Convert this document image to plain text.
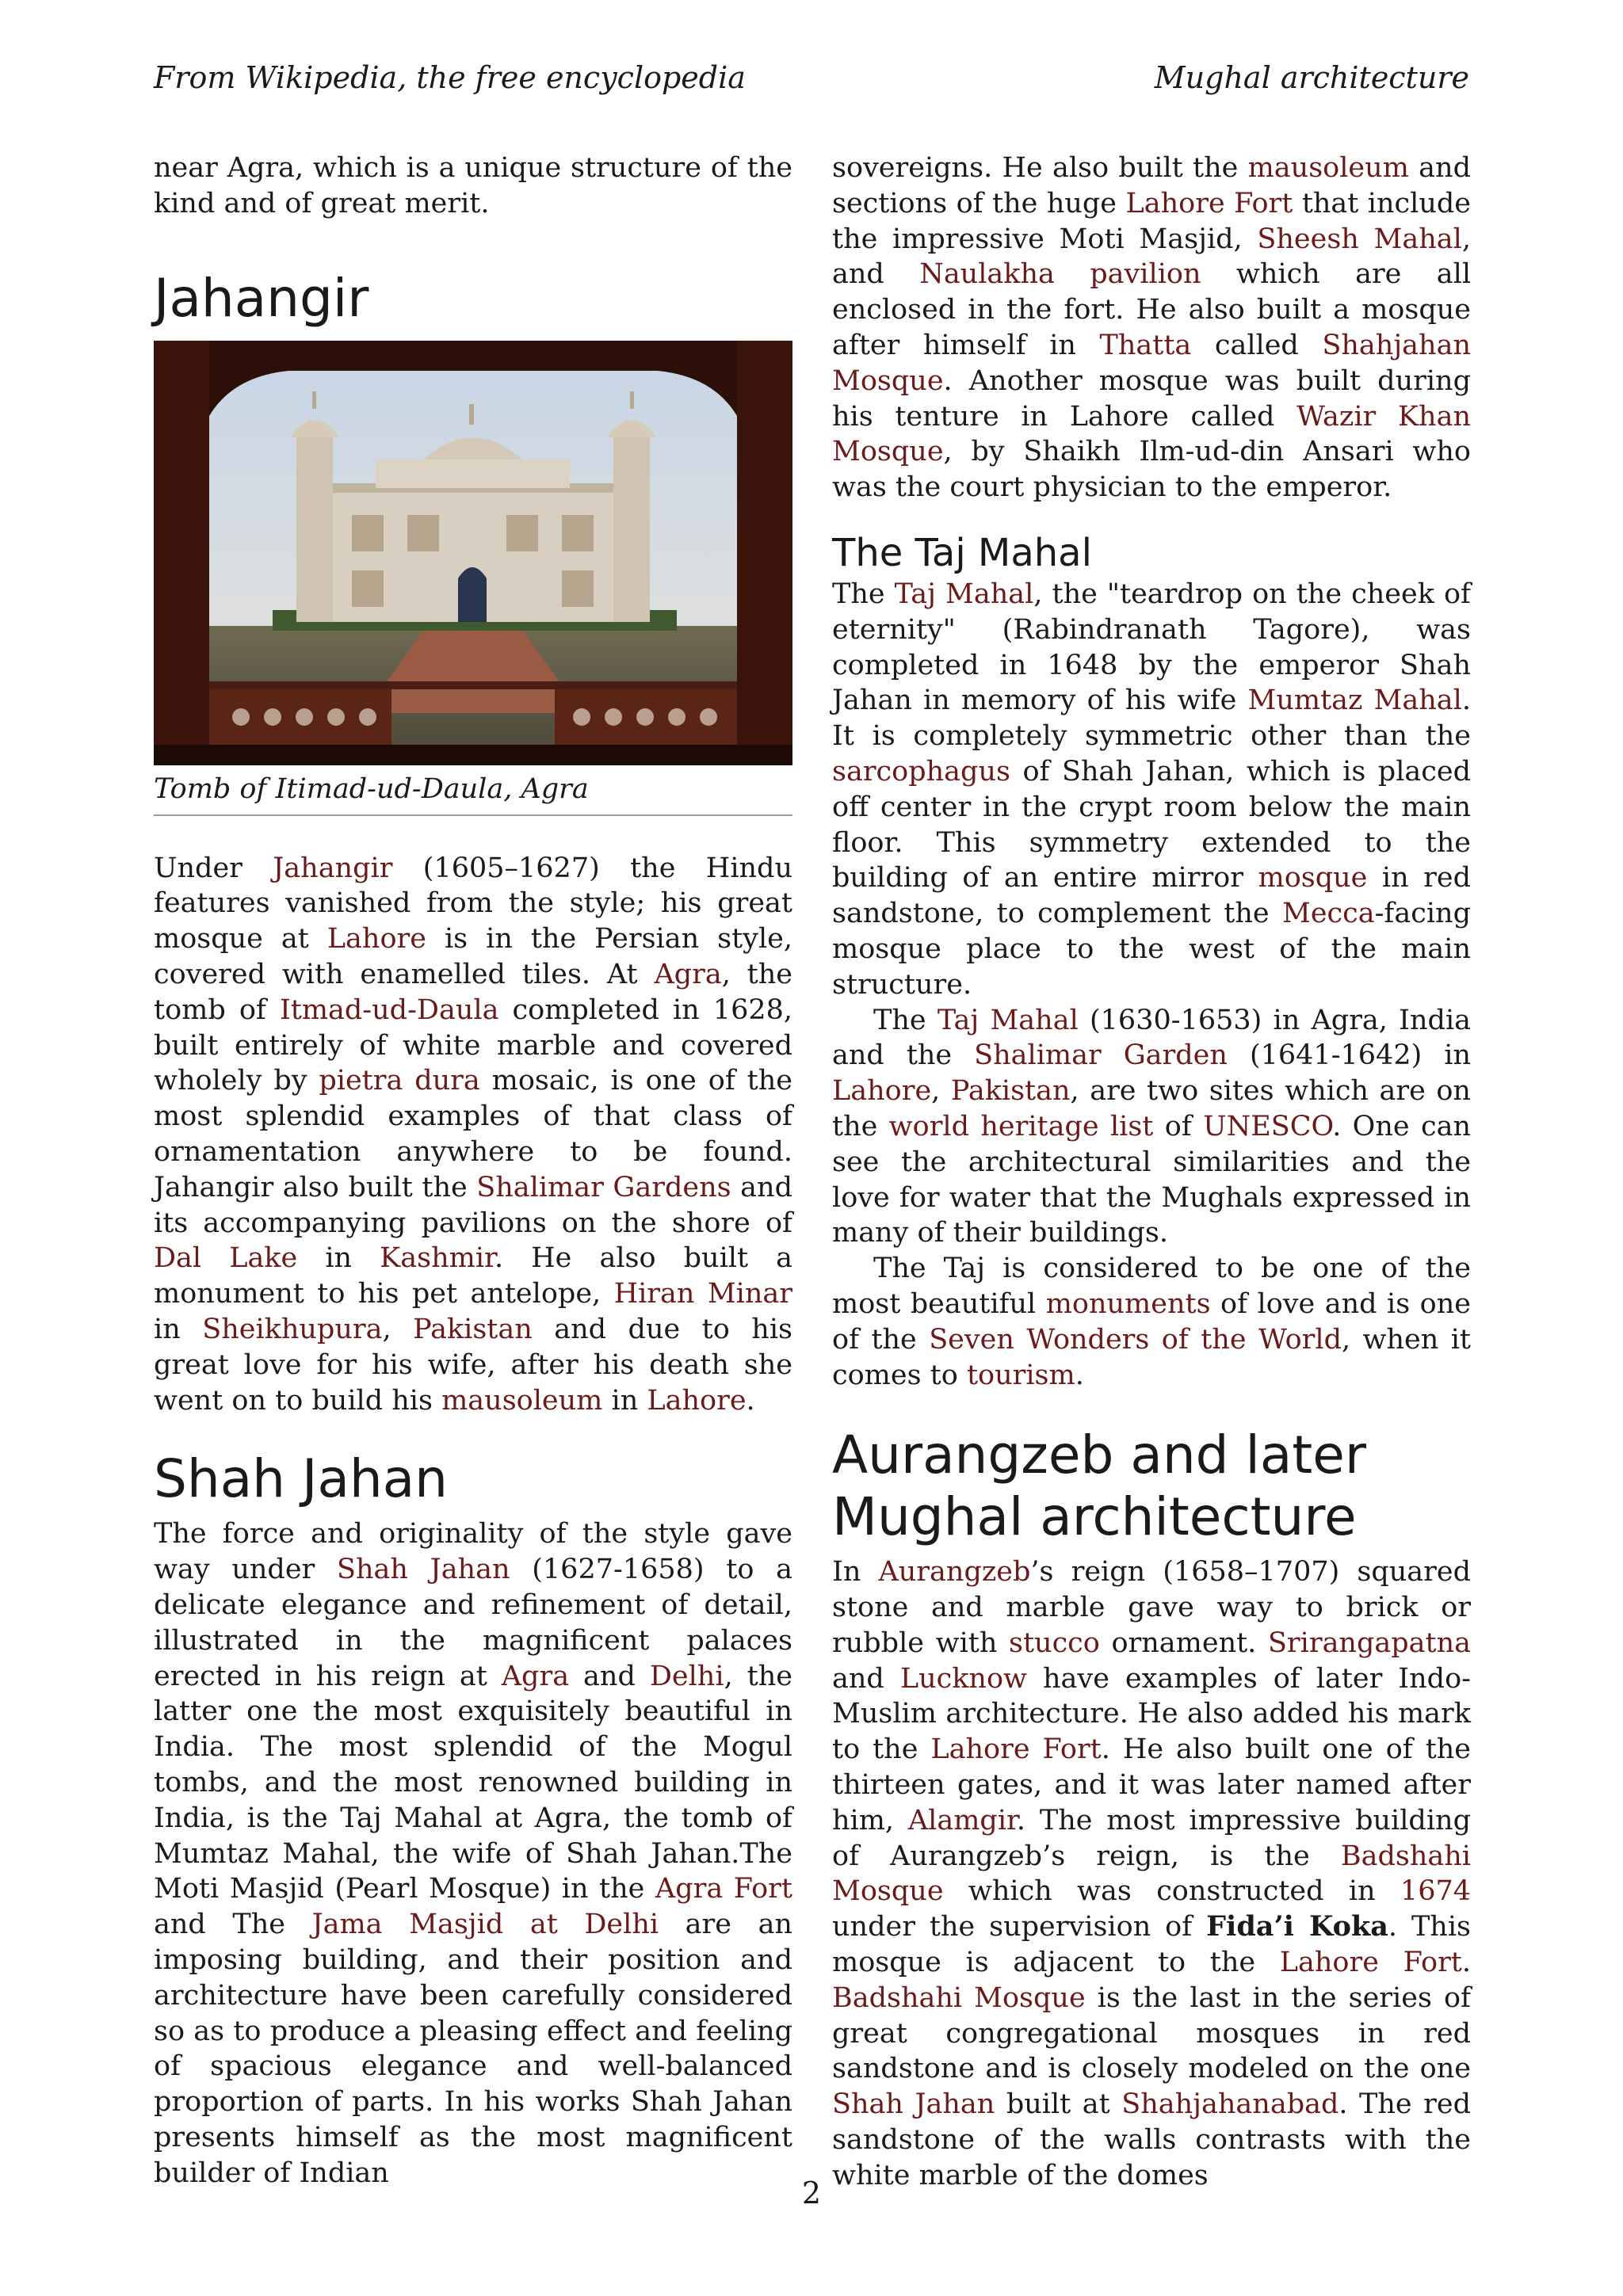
From Wikipedia, the free encyclopedia	Mughal architecture

near Agra, which is a unique structure of the kind and of great merit.

Jahangir
Tomb of Itimad-ud-Daula, Agra

Under Jahangir (1605–1627) the Hindu features vanished from the style; his great mosque at Lahore is in the Persian style, covered with enamelled tiles. At Agra, the tomb of Itmad-ud-Daula completed in 1628, built entirely of white marble and covered wholely by pietra dura mosaic, is one of the most splendid examples of that class of ornamentation anywhere to be found. Jahangir also built the Shalimar Gardens and its accompanying pavilions on the shore of Dal Lake in Kashmir. He also built a monument to his pet antelope, Hiran Minar in Sheikhupura, Pakistan and due to his great love for his wife, after his death she went on to build his mausoleum in Lahore.

Shah Jahan

The force and originality of the style gave way under Shah Jahan (1627-1658) to a delicate elegance and refinement of detail, illustrated in the magnificent palaces erected in his reign at Agra and Delhi, the latter one the most exquisitely beautiful in India. The most splendid of the Mogul tombs, and the most renowned building in India, is the Taj Mahal at Agra, the tomb of Mumtaz Mahal, the wife of Shah Jahan.The Moti Masjid (Pearl Mosque) in the Agra Fort and The Jama Masjid at Delhi are an imposing building, and their position and architecture have been carefully considered so as to produce a pleasing effect and feeling of spacious elegance and well-balanced proportion of parts. In his works Shah Jahan presents himself as the most magnificent builder of Indian

sovereigns. He also built the mausoleum and sections of the huge Lahore Fort that include the impressive Moti Masjid, Sheesh Mahal, and Naulakha pavilion which are all enclosed in the fort. He also built a mosque after himself in Thatta called Shahjahan Mosque. Another mosque was built during his tenture in Lahore called Wazir Khan Mosque, by Shaikh Ilm-ud-din Ansari who was the court physician to the emperor.

The Taj Mahal

The Taj Mahal, the "teardrop on the cheek of eternity" (Rabindranath Tagore), was completed in 1648 by the emperor Shah Jahan in memory of his wife Mumtaz Mahal. It is completely symmetric other than the sarcophagus of Shah Jahan, which is placed off center in the crypt room below the main floor. This symmetry extended to the building of an entire mirror mosque in red sandstone, to complement the Mecca-facing mosque place to the west of the main structure.

The Taj Mahal (1630-1653) in Agra, India and the Shalimar Garden (1641-1642) in Lahore, Pakistan, are two sites which are on the world heritage list of UNESCO. One can see the architectural similarities and the love for water that the Mughals expressed in many of their buildings.

The Taj is considered to be one of the most beautiful monuments of love and is one of the Seven Wonders of the World, when it comes to tourism.

Aurangzeb and later Mughal architecture

In Aurangzeb’s reign (1658–1707) squared stone and marble gave way to brick or rubble with stucco ornament. Srirangapatna and Lucknow have examples of later Indo-Muslim architecture. He also added his mark to the Lahore Fort. He also built one of the thirteen gates, and it was later named after him, Alamgir. The most impressive building of Aurangzeb’s reign, is the Badshahi Mosque which was constructed in 1674 under the supervision of Fida’i Koka. This mosque is adjacent to the Lahore Fort. Badshahi Mosque is the last in the series of great congregational mosques in red sandstone and is closely modeled on the one Shah Jahan built at Shahjahanabad. The red sandstone of the walls contrasts with the white marble of the domes

2
